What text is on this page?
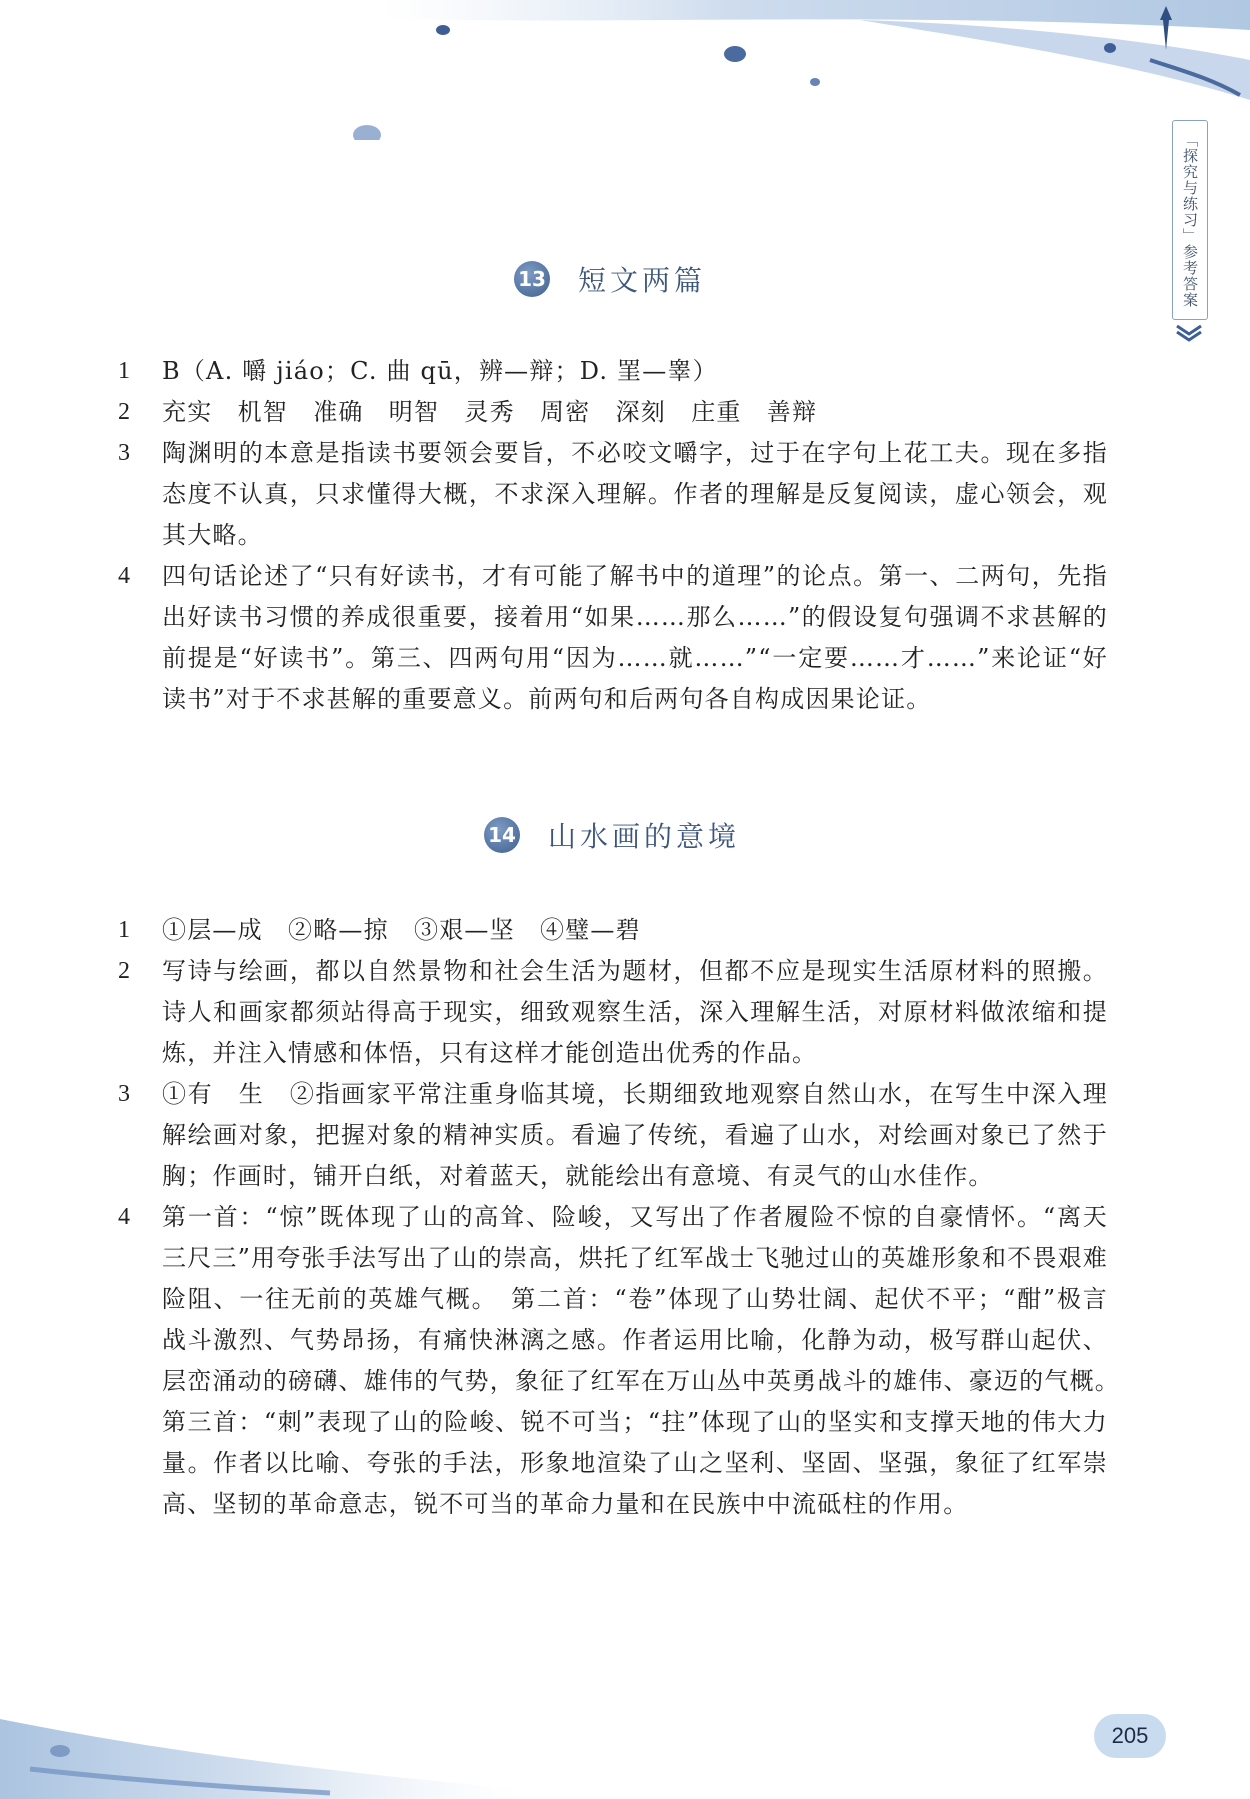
「探究与练习」参考答案
13 短文两篇
1	B（A. 嚼 jiáo；C. 曲 qū，辨—辩；D. 罣—睾）
2	充实　机智　准确　明智　灵秀　周密　深刻　庄重　善辩
3	陶渊明的本意是指读书要领会要旨，不必咬文嚼字，过于在字句上花工夫。现在多指态度不认真，只求懂得大概，不求深入理解。作者的理解是反复阅读，虚心领会，观其大略。
4	四句话论述了“只有好读书，才有可能了解书中的道理”的论点。第一、二两句，先指出好读书习惯的养成很重要，接着用“如果……那么……”的假设复句强调不求甚解的前提是“好读书”。第三、四两句用“因为……就……”“一定要……才……”来论证“好读书”对于不求甚解的重要意义。前两句和后两句各自构成因果论证。
14 山水画的意境
1	①层—成　②略—掠　③艰—坚　④璧—碧
2	写诗与绘画，都以自然景物和社会生活为题材，但都不应是现实生活原材料的照搬。诗人和画家都须站得高于现实，细致观察生活，深入理解生活，对原材料做浓缩和提炼，并注入情感和体悟，只有这样才能创造出优秀的作品。
3	①有　生　②指画家平常注重身临其境，长期细致地观察自然山水，在写生中深入理解绘画对象，把握对象的精神实质。看遍了传统，看遍了山水，对绘画对象已了然于胸；作画时，铺开白纸，对着蓝天，就能绘出有意境、有灵气的山水佳作。
4	第一首：“惊”既体现了山的高耸、险峻，又写出了作者履险不惊的自豪情怀。“离天三尺三”用夸张手法写出了山的崇高，烘托了红军战士飞驰过山的英雄形象和不畏艰难险阻、一往无前的英雄气概。　第二首：“卷”体现了山势壮阔、起伏不平；“酣”极言战斗激烈、气势昂扬，有痛快淋漓之感。作者运用比喻，化静为动，极写群山起伏、层峦涌动的磅礴、雄伟的气势，象征了红军在万山丛中英勇战斗的雄伟、豪迈的气概。　第三首：“刺”表现了山的险峻、锐不可当；“拄”体现了山的坚实和支撑天地的伟大力量。作者以比喻、夸张的手法，形象地渲染了山之坚利、坚固、坚强，象征了红军崇高、坚韧的革命意志，锐不可当的革命力量和在民族中中流砥柱的作用。
205
